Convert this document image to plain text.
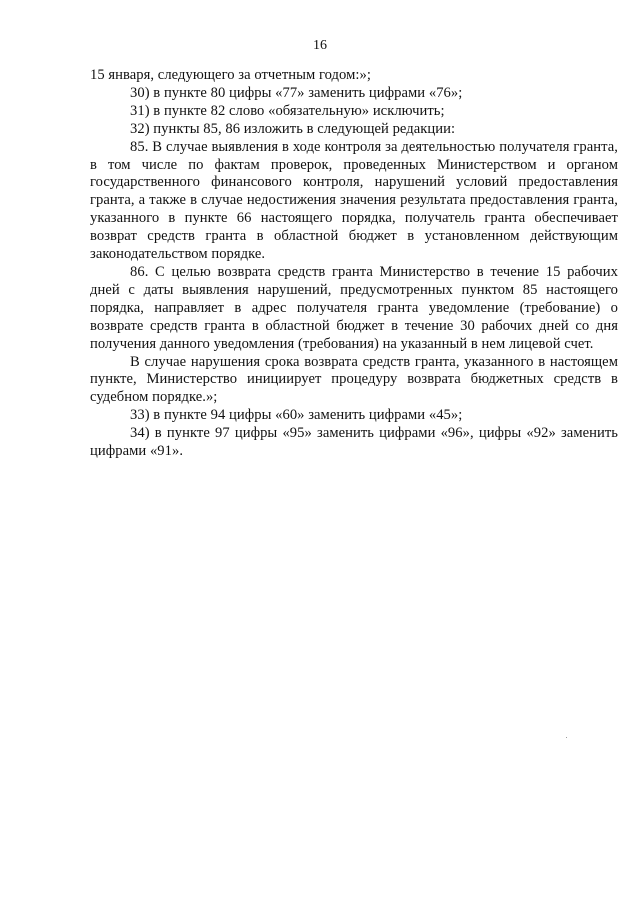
16

15 января, следующего за отчетным годом:»;

30) в пункте 80 цифры «77» заменить цифрами «76»;

31) в пункте 82 слово «обязательную» исключить;

32) пункты 85, 86 изложить в следующей редакции:

85. В случае выявления в ходе контроля за деятельностью получателя гранта, в том числе по фактам проверок, проведенных Министерством и органом государственного финансового контроля, нарушений условий предоставления гранта, а также в случае недостижения значения результата предоставления гранта, указанного в пункте 66 настоящего порядка, получатель гранта обеспечивает возврат средств гранта в областной бюджет в установленном действующим законодательством порядке.

86. С целью возврата средств гранта Министерство в течение 15 рабочих дней с даты выявления нарушений, предусмотренных пунктом 85 настоящего порядка, направляет в адрес получателя гранта уведомление (требование) о возврате средств гранта в областной бюджет в течение 30 рабочих дней со дня получения данного уведомления (требования) на указанный в нем лицевой счет.

В случае нарушения срока возврата средств гранта, указанного в настоящем пункте, Министерство инициирует процедуру возврата бюджетных средств в судебном порядке.»;

33) в пункте 94 цифры «60» заменить цифрами «45»;

34) в пункте 97 цифры «95» заменить цифрами «96», цифры «92» заменить цифрами «91».
